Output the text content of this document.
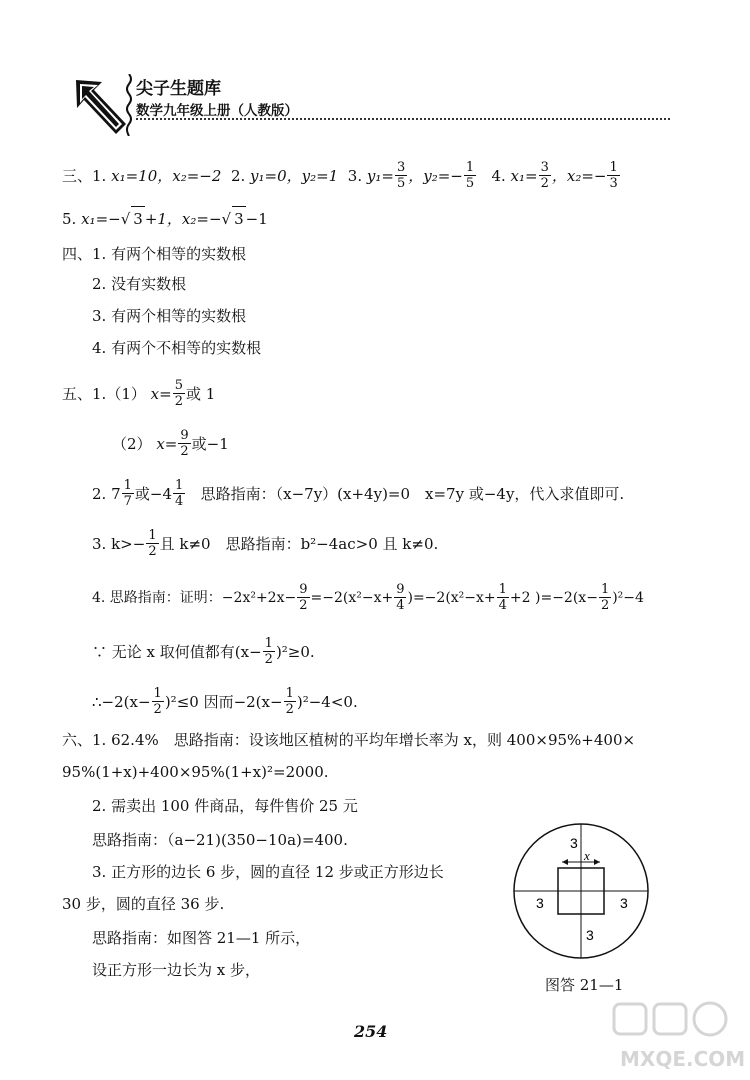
尖子生题库
数学九年级上册（人教版）
三、 1.
x₁=10，x₂=−2
2.
y₁=0，y₂=1
3.
$y_1= \frac{3}{5}$ ，$y_2=- \frac{1}{5}$
4.
$x_1= \frac{3}{2}$ ，$x_2=- \frac{1}{3}$
5.
x₁=− √ 3 +1，x₂=− √ 3 −1
四、 1. 有两个相等的实数根
2. 没有实数根
3. 有两个相等的实数根
4. 有两个不相等的实数根
五、 1.（1）
$x= \frac{5}{2}$ 或 1
（2）
$x= \frac{9}{2}$ 或−1
2. $7 \frac{1}{7}$ 或$-4 \frac{1}{4}$
思路指南：（x−7y）(x+4y)=0　x=7y 或−4y，代入求值即可.
3. $k>- \frac{1}{2}$ 且 k≠0　思路指南：b²−4ac>0 且 k≠0.
4. 思路指南：证明：$-2x^2+2x- \frac{9}{2} =-2(x^2-x+ \frac{9}{4} )=-2(x^2-x+ \frac{1}{4} +2$ )$=-2(x- \frac{1}{2} )^2-4$
∵ 无论 x 取何值都有$(x- \frac{1}{2} )^2\ge 0$.
∴−2(x− $\frac{1}{2} )^2\le 0$ 因而$-2(x- \frac{1}{2} )^2-4<0$.
六、 1. 62.4%　思路指南：设该地区植树的平均年增长率为 x，则 400×95%+400×
95%(1+x)+400×95%(1+x)²=2000.
2. 需卖出 100 件商品，每件售价 25 元
思路指南：（a−21)(350−10a)=400.
3. 正方形的边长 6 步，圆的直径 12 步或正方形边长
30 步，圆的直径 36 步.
思路指南：如图答 21—1 所示，
设正方形一边长为 x 步，
3
x
3	3
3
图答 21—1
254
MXQE.COM
